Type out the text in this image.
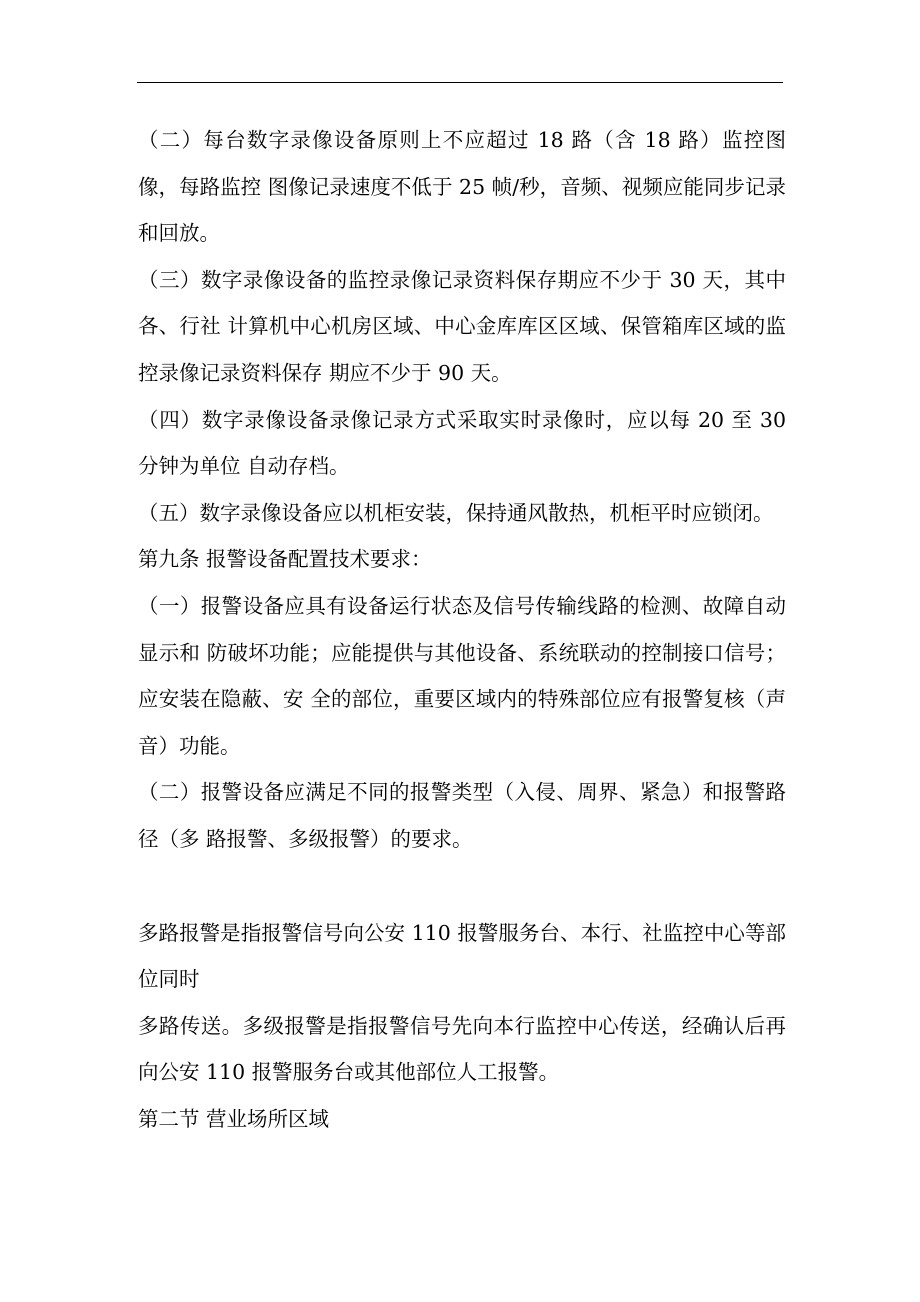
（二）每台数字录像设备原则上不应超过 18 路（含 18 路）监控图像，每路监控 图像记录速度不低于 25 帧/秒，音频、视频应能同步记录和回放。

（三）数字录像设备的监控录像记录资料保存期应不少于 30 天，其中各、行社 计算机中心机房区域、中心金库库区区域、保管箱库区域的监控录像记录资料保存 期应不少于 90 天。

（四）数字录像设备录像记录方式采取实时录像时，应以每 20 至 30 分钟为单位 自动存档。

（五）数字录像设备应以机柜安装，保持通风散热，机柜平时应锁闭。

第九条 报警设备配置技术要求：

（一）报警设备应具有设备运行状态及信号传输线路的检测、故障自动显示和 防破坏功能；应能提供与其他设备、系统联动的控制接口信号；应安装在隐蔽、安 全的部位，重要区域内的特殊部位应有报警复核（声音）功能。

（二）报警设备应满足不同的报警类型（入侵、周界、紧急）和报警路径（多 路报警、多级报警）的要求。

多路报警是指报警信号向公安 110 报警服务台、本行、社监控中心等部位同时

多路传送。多级报警是指报警信号先向本行监控中心传送，经确认后再向公安 110 报警服务台或其他部位人工报警。

第二节 营业场所区域
